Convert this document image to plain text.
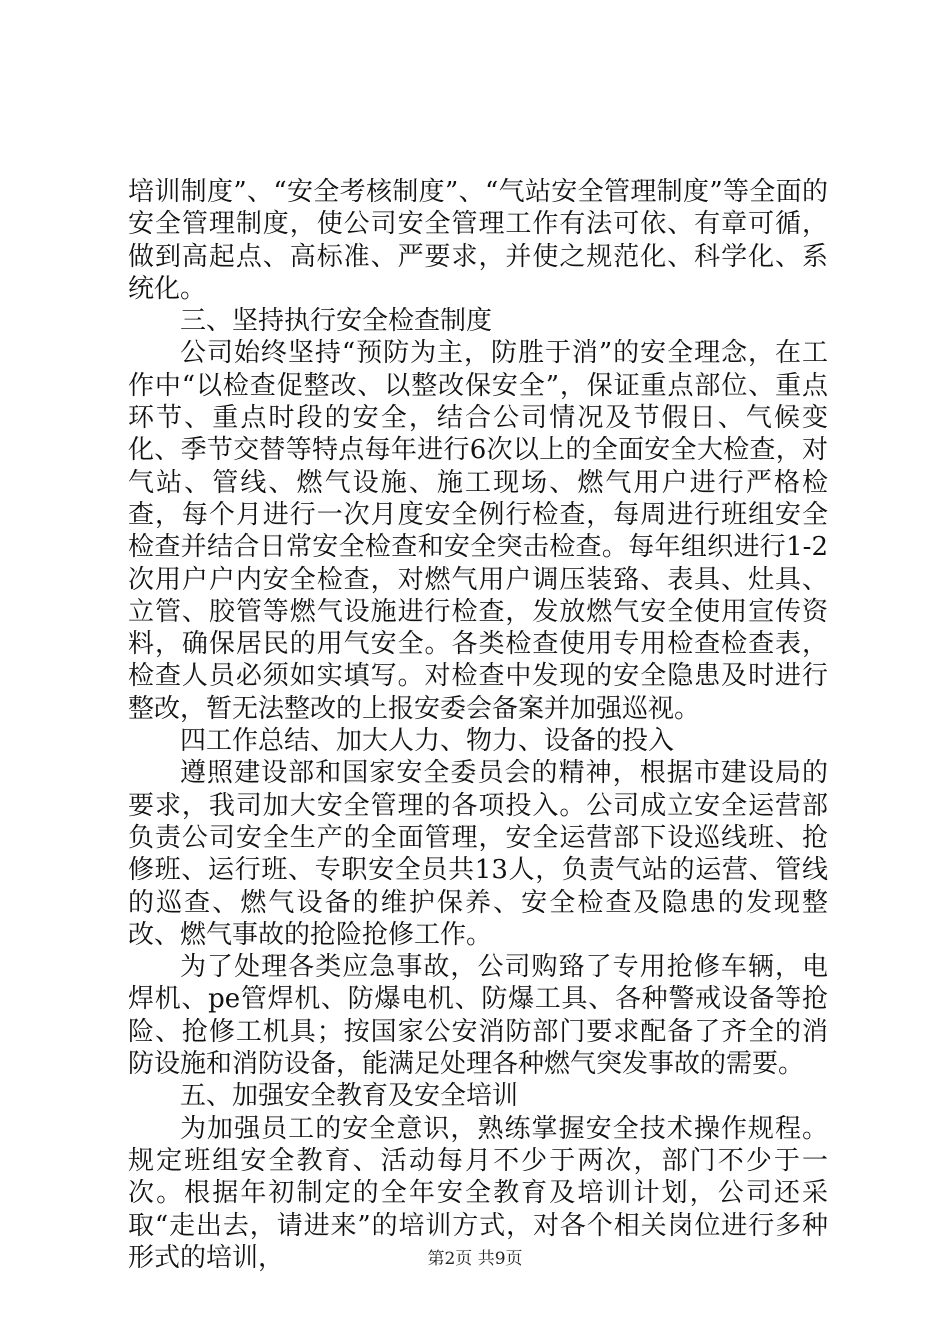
培训制度”、“安全考核制度”、“气站安全管理制度”等全面的安全管理制度，使公司安全管理工作有法可依、有章可循，做到高起点、高标准、严要求，并使之规范化、科学化、系统化。

三、坚持执行安全检查制度

公司始终坚持“预防为主，防胜于消”的安全理念，在工作中“以检查促整改、以整改保安全”，保证重点部位、重点环节、重点时段的安全，结合公司情况及节假日、气候变化、季节交替等特点每年进行6次以上的全面安全大检查，对气站、管线、燃气设施、施工现场、燃气用户进行严格检查，每个月进行一次月度安全例行检查，每周进行班组安全检查并结合日常安全检查和安全突击检查。每年组织进行1-2次用户户内安全检查，对燃气用户调压装臵、表具、灶具、立管、胶管等燃气设施进行检查，发放燃气安全使用宣传资料，确保居民的用气安全。各类检查使用专用检查检查表，检查人员必须如实填写。对检查中发现的安全隐患及时进行整改，暂无法整改的上报安委会备案并加强巡视。

四工作总结、加大人力、物力、设备的投入

遵照建设部和国家安全委员会的精神，根据市建设局的要求，我司加大安全管理的各项投入。公司成立安全运营部负责公司安全生产的全面管理，安全运营部下设巡线班、抢修班、运行班、专职安全员共13人，负责气站的运营、管线的巡查、燃气设备的维护保养、安全检查及隐患的发现整改、燃气事故的抢险抢修工作。

为了处理各类应急事故，公司购臵了专用抢修车辆，电焊机、pe管焊机、防爆电机、防爆工具、各种警戒设备等抢险、抢修工机具；按国家公安消防部门要求配备了齐全的消防设施和消防设备，能满足处理各种燃气突发事故的需要。

五、加强安全教育及安全培训

为加强员工的安全意识，熟练掌握安全技术操作规程。规定班组安全教育、活动每月不少于两次，部门不少于一次。根据年初制定的全年安全教育及培训计划，公司还采取“走出去，请进来”的培训方式，对各个相关岗位进行多种形式的培训，	第2页 共9页
